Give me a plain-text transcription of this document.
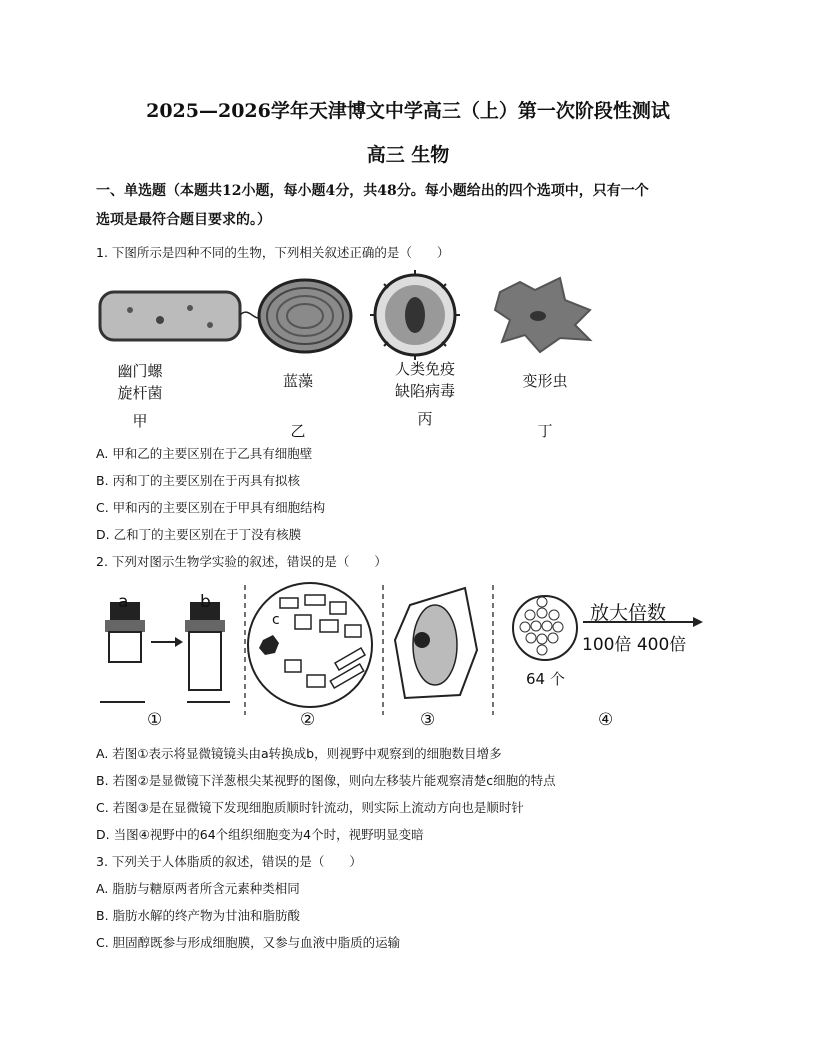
2025—2026学年天津博文中学高三（上）第一次阶段性测试
高三 生物
一、单选题（本题共12小题，每小题4分，共48分。每小题给出的四个选项中，只有一个
选项是最符合题目要求的。）
1. 下图所示是四种不同的生物，下列相关叙述正确的是（　　）
幽门螺
旋杆菌
甲
蓝藻
乙
人类免疫
缺陷病毒
丙
变形虫
丁
A. 甲和乙的主要区别在于乙具有细胞壁
B. 丙和丁的主要区别在于丙具有拟核
C. 甲和丙的主要区别在于甲具有细胞结构
D. 乙和丁的主要区别在于丁没有核膜
2. 下列对图示生物学实验的叙述，错误的是（　　）
a	b
c	放大倍数
100倍 400倍
64 个
①	②	③	④
A. 若图①表示将显微镜镜头由a转换成b，则视野中观察到的细胞数目增多
B. 若图②是显微镜下洋葱根尖某视野的图像，则向左移装片能观察清楚c细胞的特点
C. 若图③是在显微镜下发现细胞质顺时针流动，则实际上流动方向也是顺时针
D. 当图④视野中的64个组织细胞变为4个时，视野明显变暗
3. 下列关于人体脂质的叙述，错误的是（　　）
A. 脂肪与糖原两者所含元素种类相同
B. 脂肪水解的终产物为甘油和脂肪酸
C. 胆固醇既参与形成细胞膜，又参与血液中脂质的运输
